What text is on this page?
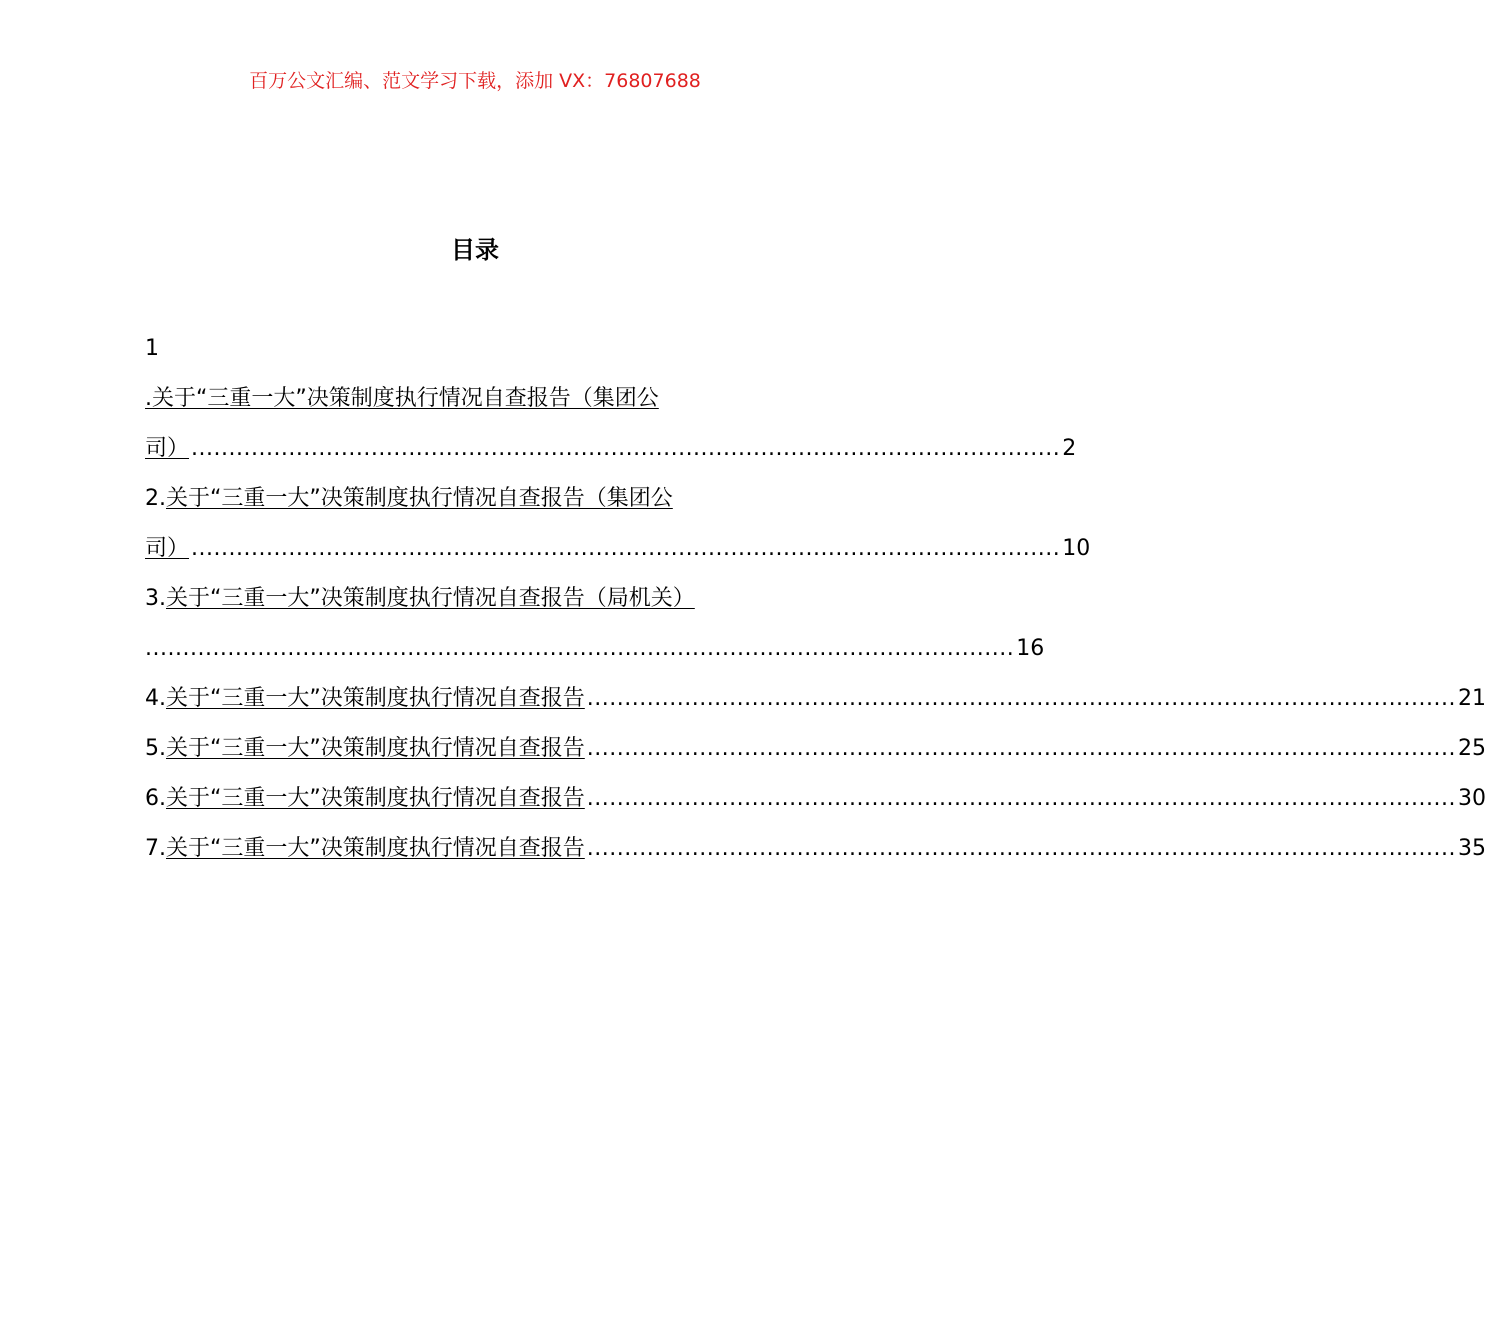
百万公文汇编、范文学习下载，添加 VX：76807688
目录
1
.关于“三重一大”决策制度执行情况自查报告（集团公
司） .................................................................................................................... 2
2. 关于“三重一大”决策制度执行情况自查报告（集团公
司） .................................................................................................................... 10
3. 关于“三重一大”决策制度执行情况自查报告（局机关）
.................................................................................................................... 16
4. 关于“三重一大”决策制度执行情况自查报告 .................................................................................................................... 21
5. 关于“三重一大”决策制度执行情况自查报告 .................................................................................................................... 25
6. 关于“三重一大”决策制度执行情况自查报告 .................................................................................................................... 30
7. 关于“三重一大”决策制度执行情况自查报告 .................................................................................................................... 35
